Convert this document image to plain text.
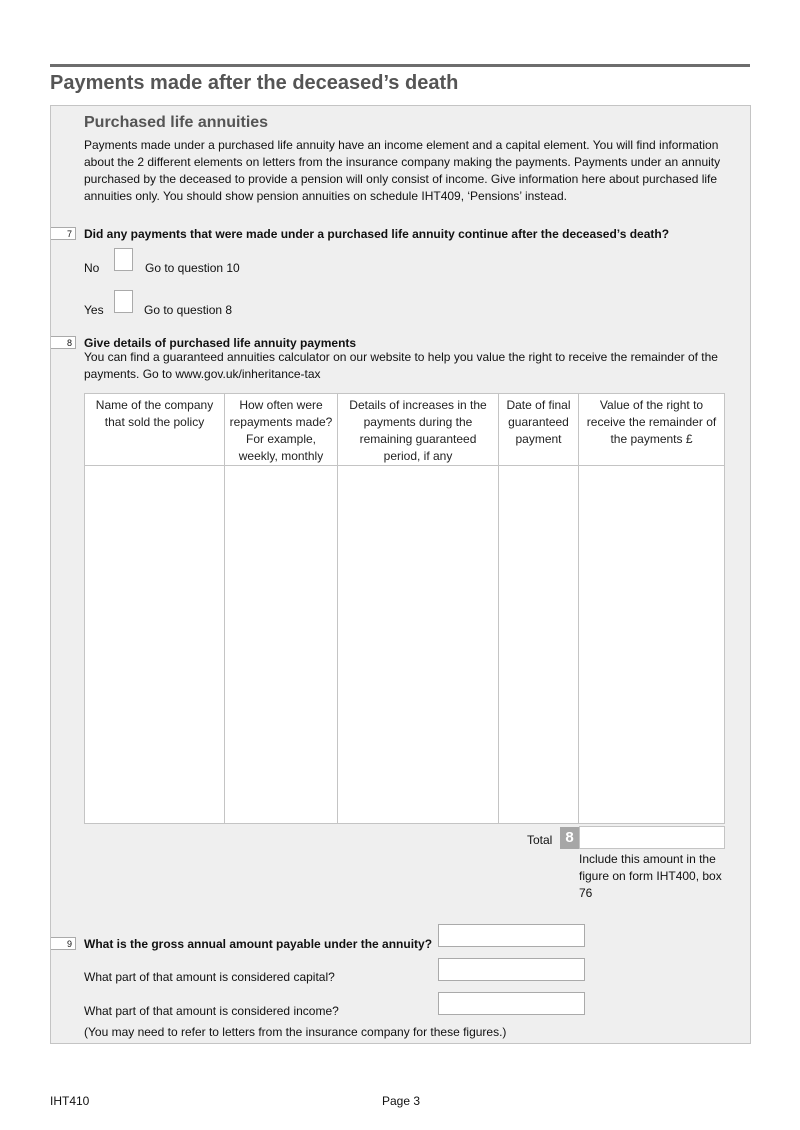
Payments made after the deceased’s death
Purchased life annuities

Payments made under a purchased life annuity have an income element and a capital element. You will find information about the 2 different elements on letters from the insurance company making the payments. Payments under an annuity purchased by the deceased to provide a pension will only consist of income. Give information here about purchased life annuities only. You should show pension annuities on schedule IHT409, ‘Pensions’ instead.

7	Did any payments that were made under a purchased life annuity continue after the deceased’s death?
No	Go to question 10
Yes	Go to question 8
8	Give details of purchased life annuity payments
You can find a guaranteed annuities calculator on our website to help you value the right to receive the remainder of the payments. Go to www.gov.uk/inheritance-tax
Name of the company that sold the policy	How often were repayments made? For example, weekly, monthly	Details of increases in the payments during the remaining guaranteed period, if any	Date of final guaranteed payment	Value of the right to receive the remainder of the payments £

Total 8
Include this amount in the figure on form IHT400, box 76
9	What is the gross annual amount payable under the annuity?
What part of that amount is considered capital?
What part of that amount is considered income?
(You may need to refer to letters from the insurance company for these figures.)
IHT410	Page 3
